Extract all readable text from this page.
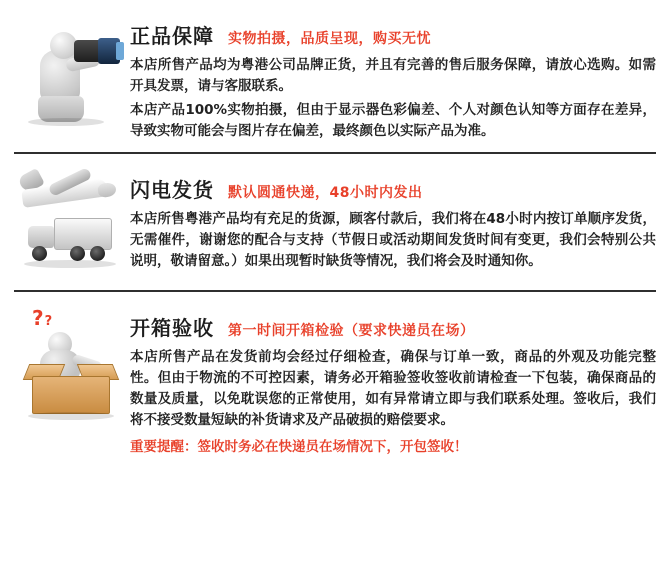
正品保障 实物拍摄，品质呈现，购买无忧

本店所售产品均为粤港公司品牌正货，并且有完善的售后服务保障，请放心选购。如需开具发票，请与客服联系。

本店产品100%实物拍摄，但由于显示器色彩偏差、个人对颜色认知等方面存在差异，导致实物可能会与图片存在偏差，最终颜色以实际产品为准。

闪电发货 默认圆通快递，48小时内发出

本店所售粤港产品均有充足的货源，顾客付款后，我们将在48小时内按订单顺序发货，无需催件，谢谢您的配合与支持（节假日或活动期间发货时间有变更，我们会特别公共说明，敬请留意。）如果出现暂时缺货等情况，我们将会及时通知你。

??	开箱验收 第一时间开箱检验（要求快递员在场）

本店所售产品在发货前均会经过仔细检查，确保与订单一致，商品的外观及功能完整性。但由于物流的不可控因素，请务必开箱验签收签收前请检查一下包装，确保商品的数量及质量，以免耽误您的正常使用，如有异常请立即与我们联系处理。签收后，我们将不接受数量短缺的补货请求及产品破损的赔偿要求。

重要提醒：签收时务必在快递员在场情况下，开包签收！
